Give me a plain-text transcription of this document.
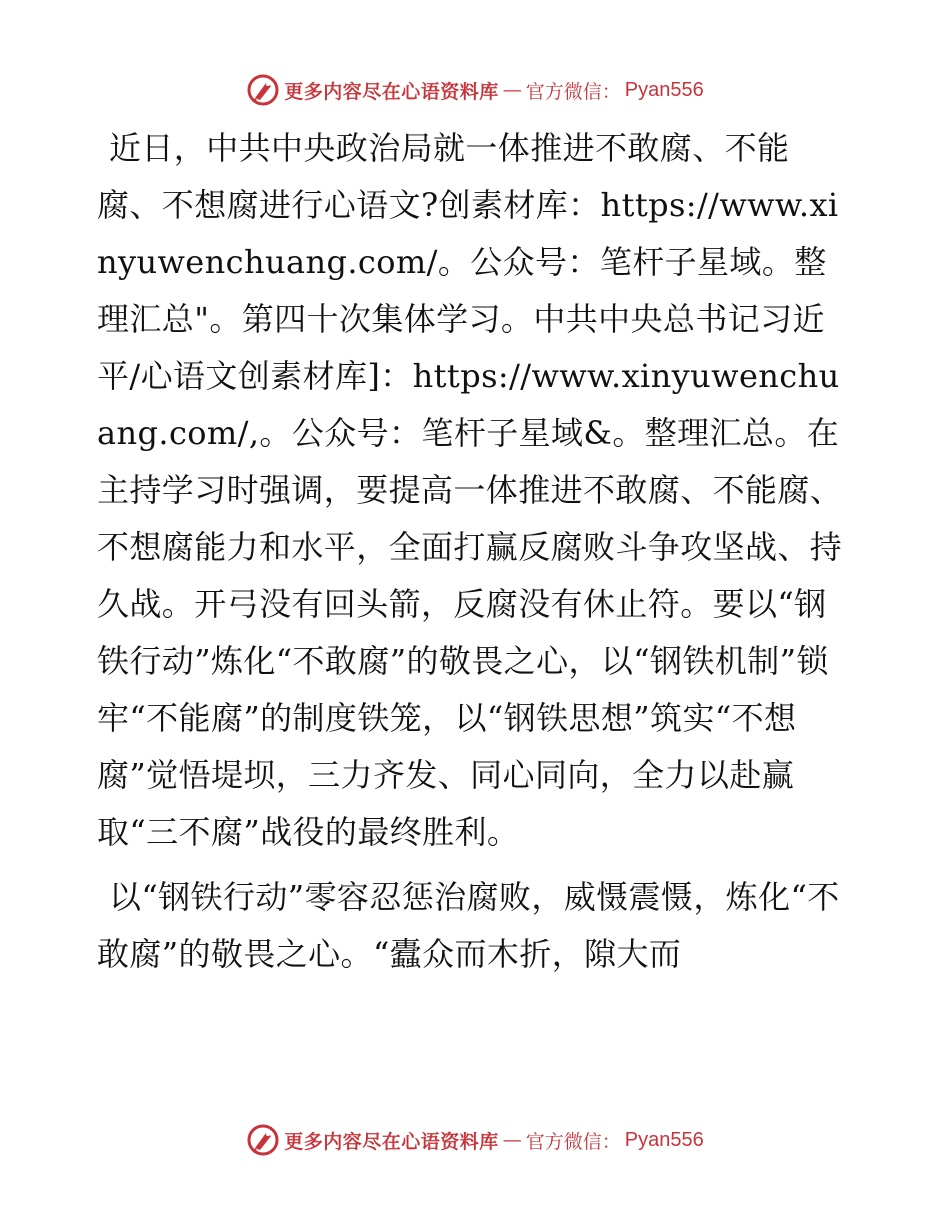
更多内容尽在心语资料库 — 官方微信： Pyan556

近日，中共中央政治局就一体推进不敢腐、不能腐、不想腐进行心语文?创素材库：https://www.xinyuwenchuang.com/。公众号：笔杆子星域。整理汇总"。第四十次集体学习。中共中央总书记习近平/心语文创素材库]：https://www.xinyuwenchuang.com/,。公众号：笔杆子星域&。整理汇总。在主持学习时强调，要提高一体推进不敢腐、不能腐、不想腐能力和水平，全面打赢反腐败斗争攻坚战、持久战。开弓没有回头箭，反腐没有休止符。要以“钢铁行动”炼化“不敢腐”的敬畏之心，以“钢铁机制”锁牢“不能腐”的制度铁笼，以“钢铁思想”筑实“不想腐”觉悟堤坝，三力齐发、同心同向，全力以赴赢取“三不腐”战役的最终胜利。

以“钢铁行动”零容忍惩治腐败，威慑震慑，炼化“不敢腐”的敬畏之心。“蠹众而木折，隙大而

更多内容尽在心语资料库 — 官方微信： Pyan556
